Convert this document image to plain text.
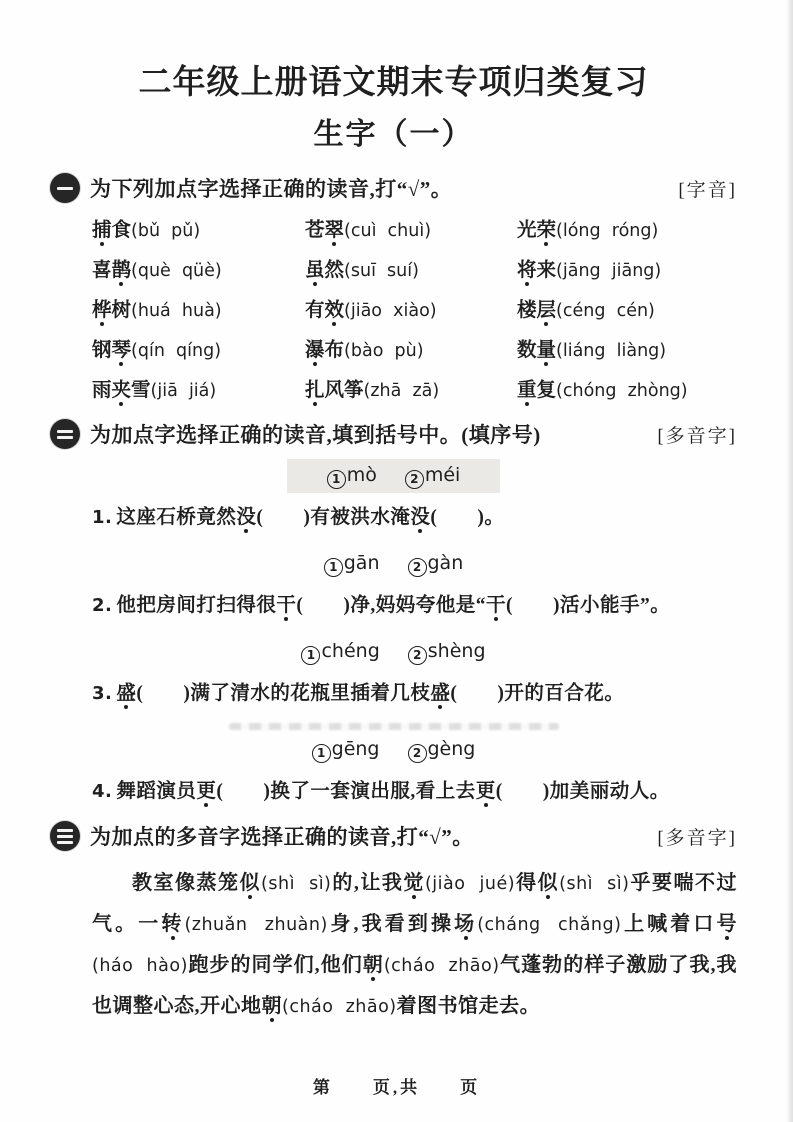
二年级上册语文期末专项归类复习
生字（一）
为下列加点字选择正确的读音,打“√”。	[字音]
捕食(bǔ  pǔ)	苍翠(cuì  chuì)	光荣(lóng  róng)
喜鹊(què  qüè)	虽然(suī  suí)	将来(jāng  jiāng)
桦树(huá  huà)	有效(jiāo  xiào)	楼层(céng  cén)
钢琴(qín  qíng)	瀑布(bào  pù)	数量(liáng  liàng)
雨夹雪(jiā  jiá)	扎风筝(zhā  zā)	重复(chóng  zhòng)
为加点字选择正确的读音,填到括号中。(填序号)	[多音字]
1 mò	2 méi
1. 这座石桥竟然没(　　)有被洪水淹没(　　)。
1 gān	2 gàn
2. 他把房间打扫得很干(　　)净,妈妈夸他是“干(　　)活小能手”。
1 chéng	2 shèng
3. 盛(　　)满了清水的花瓶里插着几枝盛(　　)开的百合花。
1 gēng	2 gèng
4. 舞蹈演员更(　　)换了一套演出服,看上去更(　　)加美丽动人。
为加点的多音字选择正确的读音,打“√”。	[多音字]

教室像蒸笼似(shì  sì)的,让我觉(jiào  jué)得似(shì  sì)乎要喘不过气。一转(zhuǎn  zhuàn)身,我看到操场(cháng  chǎng)上喊着口号(háo  hào)跑步的同学们,他们朝(cháo  zhāo)气蓬勃的样子激励了我,我也调整心态,开心地朝(cháo  zhāo)着图书馆走去。

第　　页,共　　页
